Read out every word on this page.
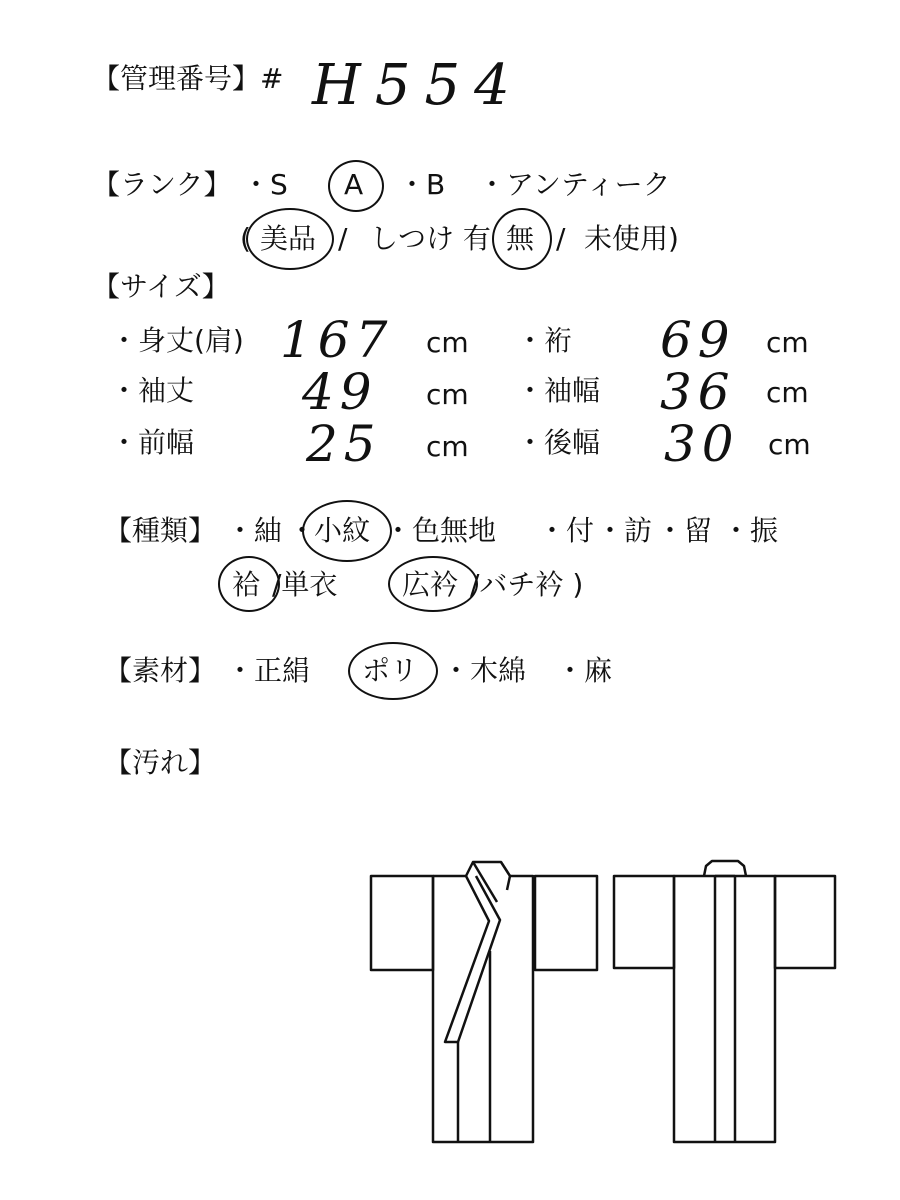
【管理番号】# H554
【ランク】 ・S A ・B ・アンティーク
( 美品 / しつけ 有 無 / 未使用)
【サイズ】
・身丈(肩) 167 cm ・裄 69 cm
・袖丈 49 cm ・袖幅 36 cm
・前幅 25 cm ・後幅 30 cm
【種類】 ・紬 ・
小紋 ・色無地 ・付 ・訪 ・留 ・振
袷 /単衣 広衿 /バチ衿 )
【素材】 ・正絹 ポリ ・木綿 ・麻
【汚れ】
